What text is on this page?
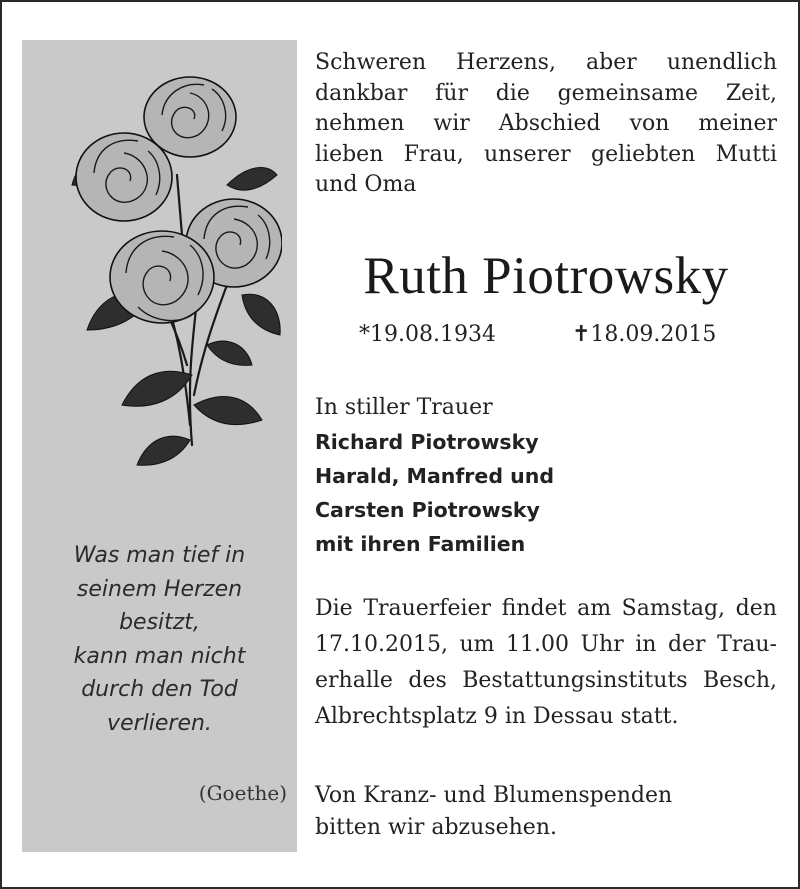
Was man tief in
seinem Herzen
besitzt,
kann man nicht
durch den Tod
verlieren.
(Goethe)
Schweren Herzens, aber unendlich
dankbar für die gemeinsame Zeit,
nehmen wir Abschied von meiner
lieben Frau, unserer geliebten Mutti
und Oma
Ruth Piotrowsky
*19.08.1934	✝18.09.2015
In stiller Trauer
Richard Piotrowsky
Harald, Manfred und
Carsten Piotrowsky
mit ihren Familien
Die Trauerfeier findet am Samstag, den
17.10.2015, um 11.00 Uhr in der Trau-
erhalle des Bestattungsinstituts Besch,
Albrechtsplatz 9 in Dessau statt.
Von Kranz- und Blumenspenden
bitten wir abzusehen.
